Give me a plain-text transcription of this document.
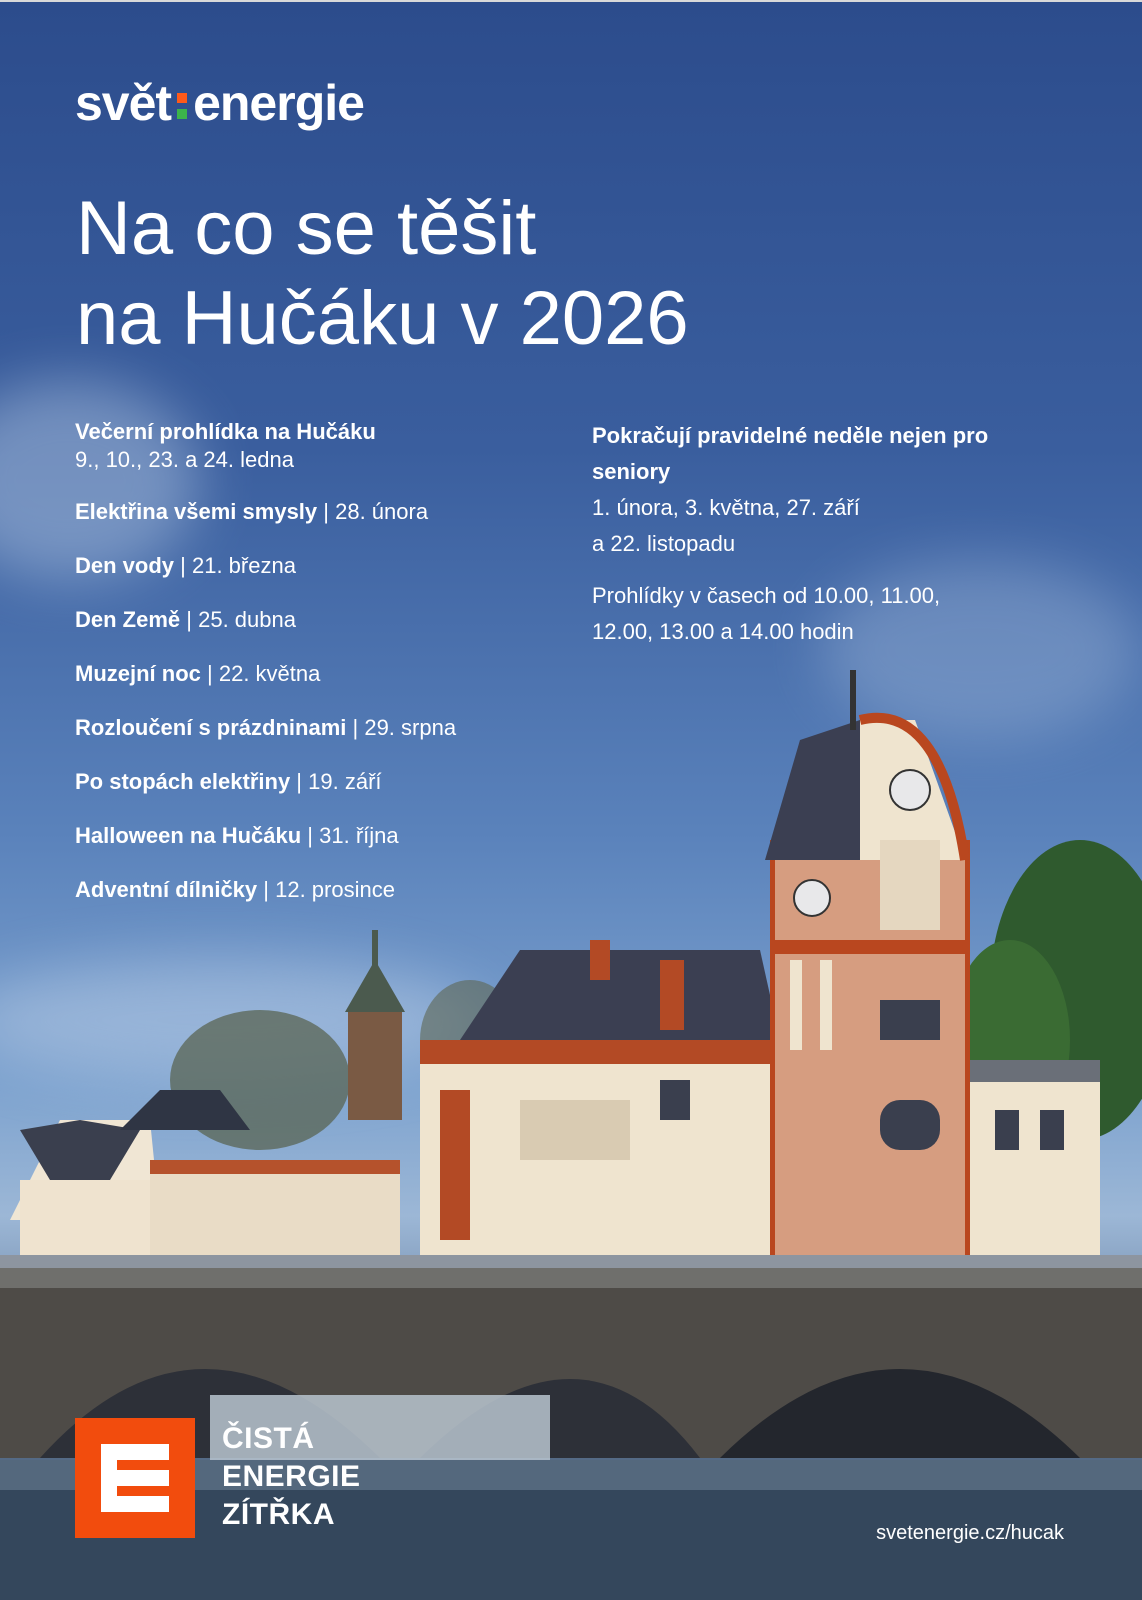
svět energie
Na co se těšit
na Hučáku v 2026

Večerní prohlídka na Hučáku
9., 10., 23. a 24. ledna

Elektřina všemi smysly | 28. února

Den vody | 21. března

Den Země | 25. dubna

Muzejní noc | 22. května

Rozloučení s prázdninami | 29. srpna

Po stopách elektřiny | 19. září

Halloween na Hučáku | 31. října

Adventní dílničky | 12. prosince

Pokračují pravidelné neděle nejen pro

seniory

1. února, 3. května, 27. září

a 22. listopadu

Prohlídky v časech od 10.00, 11.00,

12.00, 13.00 a 14.00 hodin

ČISTÁ
ENERGIE
ZÍTŘKA
svetenergie.cz/hucak
